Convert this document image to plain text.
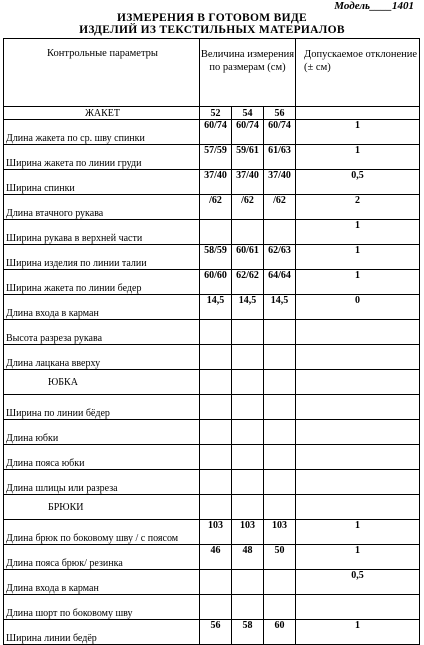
Модель____1401
ИЗМЕРЕНИЯ В ГОТОВОМ ВИДЕ
ИЗДЕЛИЙ ИЗ ТЕКСТИЛЬНЫХ МАТЕРИАЛОВ
Контрольные параметры	Величина измерения по размерам (см)			Допускаемое отклонение (± см)
ЖАКЕТ	52	54	56	
Длина жакета по ср. шву спинки	60/74	60/74	60/74	1
Ширина жакета по линии груди	57/59	59/61	61/63	1
Ширина спинки	37/40	37/40	37/40	0,5
Длина втачного рукава	/62	/62	/62	2
Ширина рукава в верхней части				1
Ширина изделия по линии талии	58/59	60/61	62/63	1
Ширина жакета по линии бедер	60/60	62/62	64/64	1
Длина входа в карман	14,5	14,5	14,5	0
Высота разреза рукава				
Длина лацкана вверху				
ЮБКА				
Ширина по линии бёдер				
Длина юбки				
Длина пояса юбки				
Длина шлицы или разреза				
БРЮКИ				
Длина брюк по боковому шву / с поясом	103	103	103	1
Длина пояса брюк/ резинка	46	48	50	1
Длина входа в карман				0,5
Длина шорт по боковому шву				
Ширина линии бедёр	56	58	60	1
